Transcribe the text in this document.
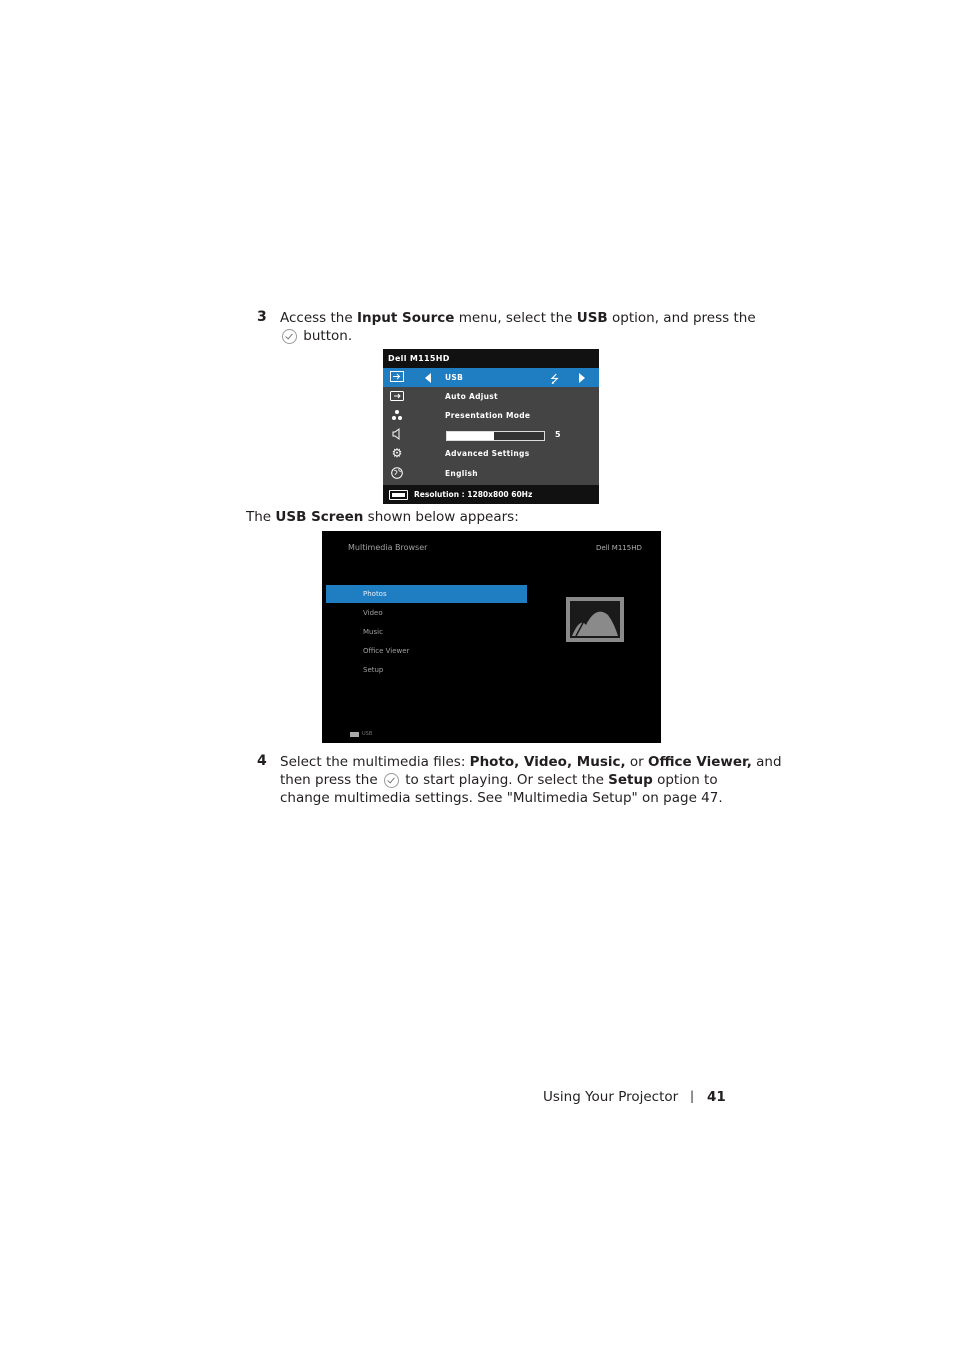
3 Access the Input Source menu, select the USB option, and press the
button.
Dell M115HD
USB	⭍
Auto Adjust
Presentation Mode
5
⚙	Advanced Settings
English
Resolution : 1280x800 60Hz
The USB Screen shown below appears:
Multimedia Browser	Dell M115HD
Photos
Video
Music
Office Viewer
Setup
USB
4 Select the multimedia files: Photo, Video, Music, or Office Viewer, and
then press the  to start playing. Or select the Setup option to
change multimedia settings. See "Multimedia Setup" on page 47.
Using Your Projector | 41
